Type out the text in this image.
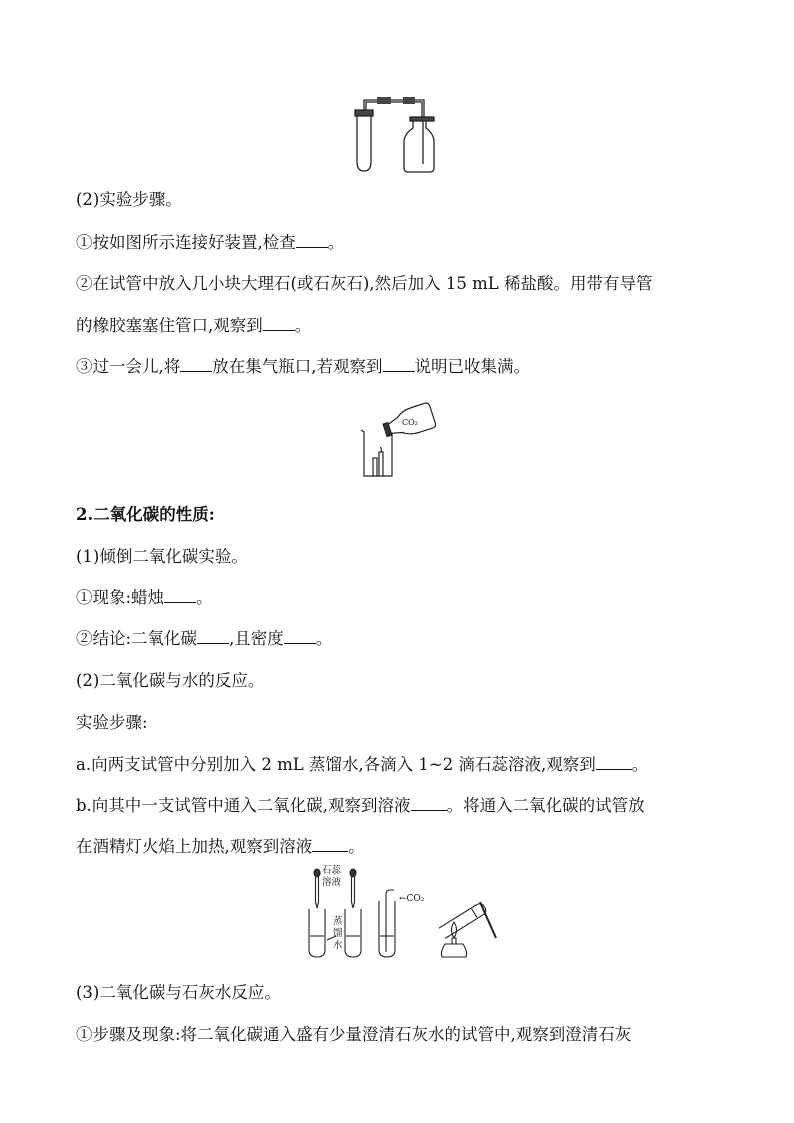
(2)实验步骤。
①按如图所示连接好装置,检查 。
②在试管中放入几小块大理石(或石灰石),然后加入 15 mL 稀盐酸。用带有导管
的橡胶塞塞住管口,观察到 。
③过一会儿,将 放在集气瓶口,若观察到 说明已收集满。
CO₂
2.二氧化碳的性质:
(1)倾倒二氧化碳实验。
①现象:蜡烛 。
②结论:二氧化碳 ,且密度 。
(2)二氧化碳与水的反应。
实验步骤:
a.向两支试管中分别加入 2 mL 蒸馏水,各滴入 1~2 滴石蕊溶液,观察到 。
b.向其中一支试管中通入二氧化碳,观察到溶液 。将通入二氧化碳的试管放
在酒精灯火焰上加热,观察到溶液 。
石蕊
溶液
蒸
馏
水
←CO₂
(3)二氧化碳与石灰水反应。
①步骤及现象:将二氧化碳通入盛有少量澄清石灰水的试管中,观察到澄清石灰
